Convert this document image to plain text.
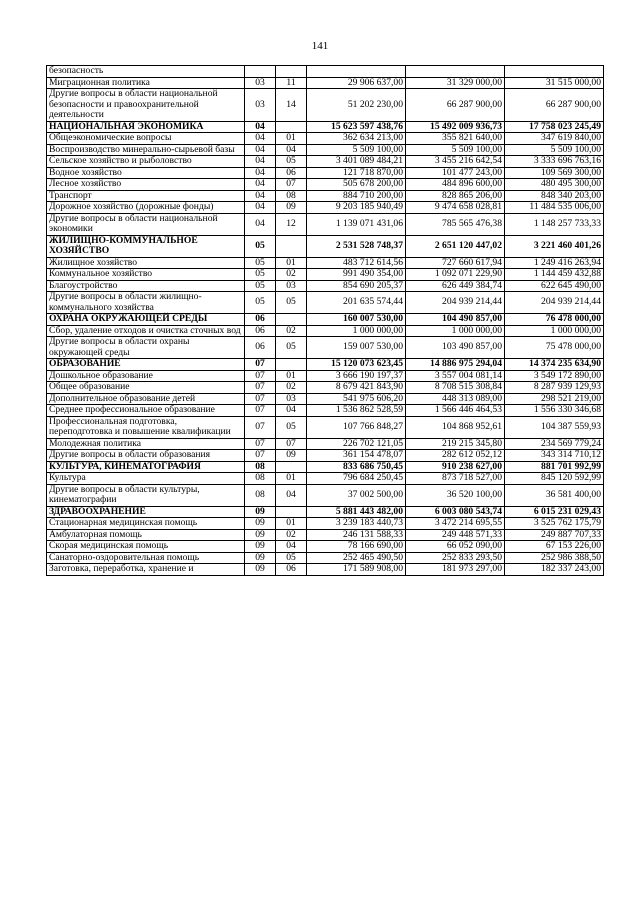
141
безопасность					
Миграционная политика	03	11	29 906 637,00	31 329 000,00	31 515 000,00
Другие вопросы в области национальной безопасности и правоохранительной деятельности	03	14	51 202 230,00	66 287 900,00	66 287 900,00
НАЦИОНАЛЬНАЯ ЭКОНОМИКА	04		15 623 597 438,76	15 492 009 936,73	17 758 023 245,49
Общеэкономические вопросы	04	01	362 634 213,00	355 821 640,00	347 619 840,00
Воспроизводство минерально-сырьевой базы	04	04	5 509 100,00	5 509 100,00	5 509 100,00
Сельское хозяйство и рыболовство	04	05	3 401 089 484,21	3 455 216 642,54	3 333 696 763,16
Водное хозяйство	04	06	121 718 870,00	101 477 243,00	109 569 300,00
Лесное хозяйство	04	07	505 678 200,00	484 896 600,00	480 495 300,00
Транспорт	04	08	884 710 200,00	828 865 206,00	848 340 203,00
Дорожное хозяйство (дорожные фонды)	04	09	9 203 185 940,49	9 474 658 028,81	11 484 535 006,00
Другие вопросы в области национальной экономики	04	12	1 139 071 431,06	785 565 476,38	1 148 257 733,33
ЖИЛИЩНО-КОММУНАЛЬНОЕ ХОЗЯЙСТВО	05		2 531 528 748,37	2 651 120 447,02	3 221 460 401,26
Жилищное хозяйство	05	01	483 712 614,56	727 660 617,94	1 249 416 263,94
Коммунальное хозяйство	05	02	991 490 354,00	1 092 071 229,90	1 144 459 432,88
Благоустройство	05	03	854 690 205,37	626 449 384,74	622 645 490,00
Другие вопросы в области жилищно-коммунального хозяйства	05	05	201 635 574,44	204 939 214,44	204 939 214,44
ОХРАНА ОКРУЖАЮЩЕЙ СРЕДЫ	06		160 007 530,00	104 490 857,00	76 478 000,00
Сбор, удаление отходов и очистка сточных вод	06	02	1 000 000,00	1 000 000,00	1 000 000,00
Другие вопросы в области охраны окружающей среды	06	05	159 007 530,00	103 490 857,00	75 478 000,00
ОБРАЗОВАНИЕ	07		15 120 073 623,45	14 886 975 294,04	14 374 235 634,90
Дошкольное образование	07	01	3 666 190 197,37	3 557 004 081,14	3 549 172 890,00
Общее образование	07	02	8 679 421 843,90	8 708 515 308,84	8 287 939 129,93
Дополнительное образование детей	07	03	541 975 606,20	448 313 089,00	298 521 219,00
Среднее профессиональное образование	07	04	1 536 862 528,59	1 566 446 464,53	1 556 330 346,68
Профессиональная подготовка, переподготовка и повышение квалификации	07	05	107 766 848,27	104 868 952,61	104 387 559,93
Молодежная политика	07	07	226 702 121,05	219 215 345,80	234 569 779,24
Другие вопросы в области образования	07	09	361 154 478,07	282 612 052,12	343 314 710,12
КУЛЬТУРА, КИНЕМАТОГРАФИЯ	08		833 686 750,45	910 238 627,00	881 701 992,99
Культура	08	01	796 684 250,45	873 718 527,00	845 120 592,99
Другие вопросы в области культуры, кинематографии	08	04	37 002 500,00	36 520 100,00	36 581 400,00
ЗДРАВООХРАНЕНИЕ	09		5 881 443 482,00	6 003 080 543,74	6 015 231 029,43
Стационарная медицинская помощь	09	01	3 239 183 440,73	3 472 214 695,55	3 525 762 175,79
Амбулаторная помощь	09	02	246 131 588,33	249 448 571,33	249 887 707,33
Скорая медицинская помощь	09	04	78 166 690,00	66 052 090,00	67 153 226,00
Санаторно-оздоровительная помощь	09	05	252 465 490,50	252 833 293,50	252 986 388,50
Заготовка, переработка, хранение и	09	06	171 589 908,00	181 973 297,00	182 337 243,00
